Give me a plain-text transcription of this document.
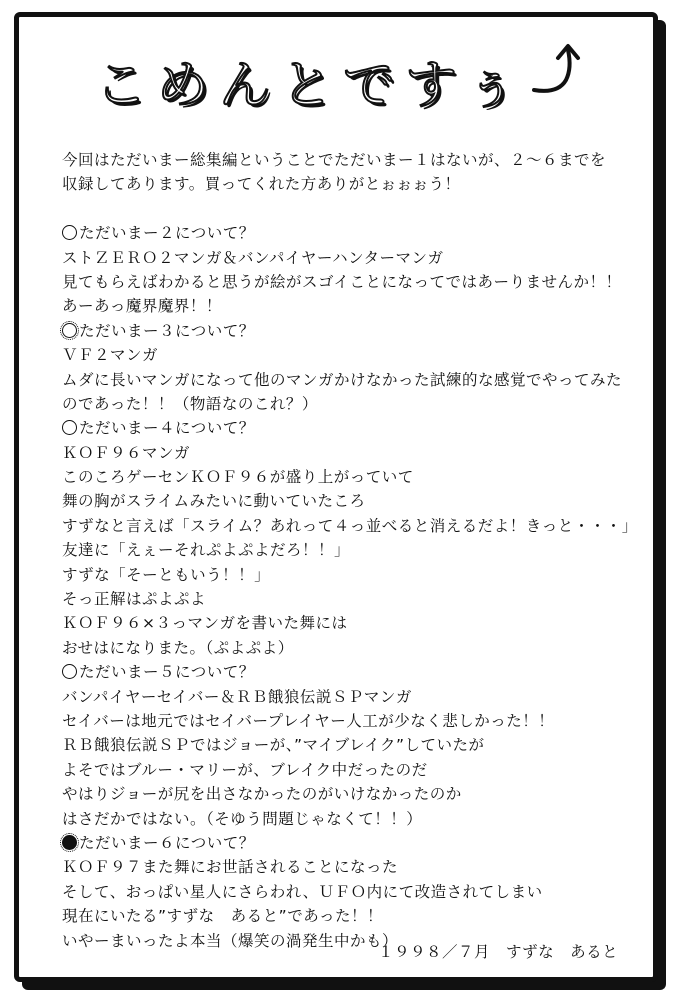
こめんとですぅ
今回はただいまー総集編ということでただいまー１はないが、２～６までを
収録してあります。買ってくれた方ありがとぉぉぉう！
ただいまー２について？
ストＺＥＲＯ２マンガ＆バンパイヤーハンターマンガ
見てもらえばわかると思うが絵がスゴイことになってではあーりませんか！！
あーあっ魔界魔界！！
ただいまー３について？
ＶＦ２マンガ
ムダに長いマンガになって他のマンガかけなかった試練的な感覚でやってみた
のであった！！（物語なのこれ？）
ただいまー４について？
ＫＯＦ９６マンガ
このころゲーセンＫＯＦ９６が盛り上がっていて
舞の胸がスライムみたいに動いていたころ
すずなと言えば「スライム？あれって４っ並べると消えるだよ！きっと・・・」
友達に「えぇーそれぷよぷよだろ！！」
すずな「そーともいう！！」
そっ正解はぷよぷよ
ＫＯＦ９６×３っマンガを書いた舞には
おせはになりまた。（ぷよぷよ）
ただいまー５について？
バンパイヤーセイバー＆ＲＢ餓狼伝説ＳＰマンガ
セイバーは地元ではセイバープレイヤー人工が少なく悲しかった！！
ＲＢ餓狼伝説ＳＰではジョーが、”マイブレイク”していたが
よそではブルー・マリーが、ブレイク中だったのだ
やはりジョーが尻を出さなかったのがいけなかったのか
はさだかではない。（そゆう問題じゃなくて！！）
ただいまー６について？
ＫＯＦ９７また舞にお世話されることになった
そして、おっぱい星人にさらわれ、ＵＦＯ内にて改造されてしまい
現在にいたる”すずな　あると”であった！！
いやーまいったよ本当（爆笑の渦発生中かも）
１９９８／７月　すずな　あると
